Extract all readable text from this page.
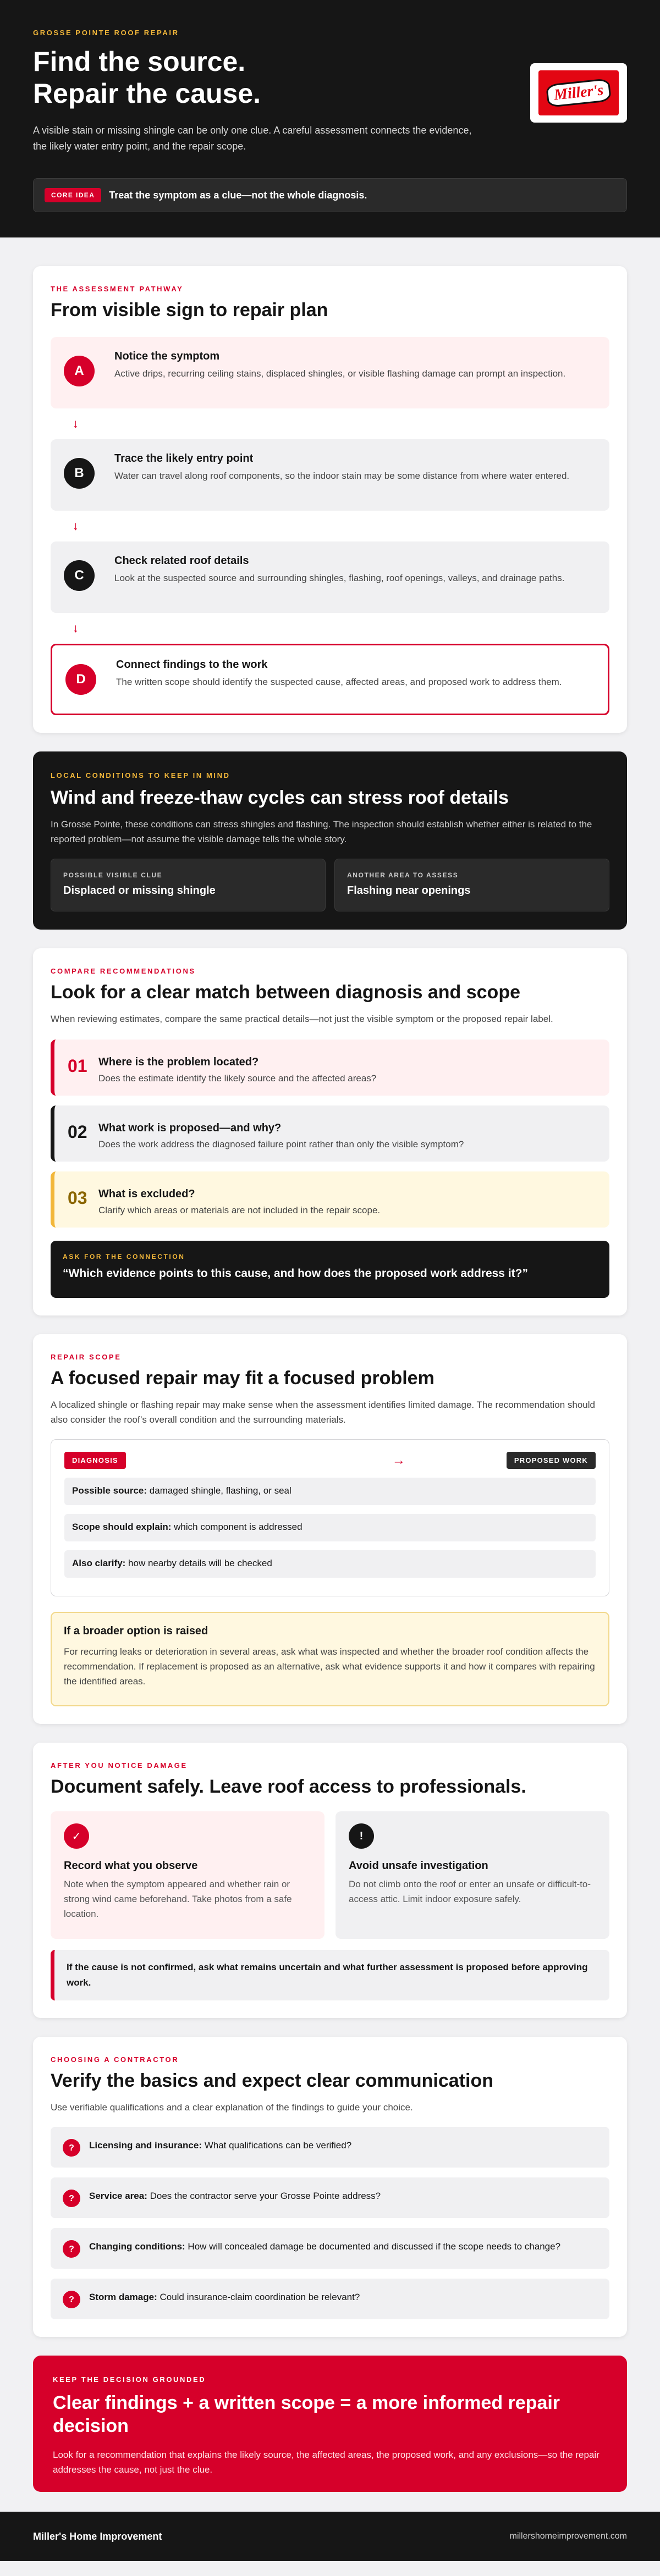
GROSSE POINTE ROOF REPAIR
Find the source.
Repair the cause.

A visible stain or missing shingle can be only one clue. A careful assessment connects the evidence, the likely water entry point, and the repair scope.

Miller's
CORE IDEA	Treat the symptom as a clue—not the whole diagnosis.
THE ASSESSMENT PATHWAY
From visible sign to repair plan
A
Notice the symptom

Active drips, recurring ceiling stains, displaced shingles, or visible flashing damage can prompt an inspection.

↓
B
Trace the likely entry point

Water can travel along roof components, so the indoor stain may be some distance from where water entered.

↓
C
Check related roof details

Look at the suspected source and surrounding shingles, flashing, roof openings, valleys, and drainage paths.

↓
D
Connect findings to the work

The written scope should identify the suspected cause, affected areas, and proposed work to address them.

LOCAL CONDITIONS TO KEEP IN MIND
Wind and freeze-thaw cycles can stress roof details

In Grosse Pointe, these conditions can stress shingles and flashing. The inspection should establish whether either is related to the reported problem—not assume the visible damage tells the whole story.

POSSIBLE VISIBLE CLUE
Displaced or missing shingle
ANOTHER AREA TO ASSESS
Flashing near openings
COMPARE RECOMMENDATIONS
Look for a clear match between diagnosis and scope

When reviewing estimates, compare the same practical details—not just the visible symptom or the proposed repair label.

01	Where is the problem located?

Does the estimate identify the likely source and the affected areas?

02	What work is proposed—and why?

Does the work address the diagnosed failure point rather than only the visible symptom?

03	What is excluded?

Clarify which areas or materials are not included in the repair scope.

ASK FOR THE CONNECTION
“Which evidence points to this cause, and how does the proposed work address it?”
REPAIR SCOPE
A focused repair may fit a focused problem

A localized shingle or flashing repair may make sense when the assessment identifies limited damage. The recommendation should also consider the roof’s overall condition and the surrounding materials.

DIAGNOSIS	→	PROPOSED WORK
Possible source: damaged shingle, flashing, or seal
Scope should explain: which component is addressed
Also clarify: how nearby details will be checked
If a broader option is raised

For recurring leaks or deterioration in several areas, ask what was inspected and whether the broader roof condition affects the recommendation. If replacement is proposed as an alternative, ask what evidence supports it and how it compares with repairing the identified areas.

AFTER YOU NOTICE DAMAGE
Document safely. Leave roof access to professionals.
✓
Record what you observe

Note when the symptom appeared and whether rain or strong wind came beforehand. Take photos from a safe location.

!
Avoid unsafe investigation

Do not climb onto the roof or enter an unsafe or difficult-to-access attic. Limit indoor exposure safely.

If the cause is not confirmed, ask what remains uncertain and what further assessment is proposed before approving work.
CHOOSING A CONTRACTOR
Verify the basics and expect clear communication

Use verifiable qualifications and a clear explanation of the findings to guide your choice.

?	Licensing and insurance: What qualifications can be verified?
?	Service area: Does the contractor serve your Grosse Pointe address?
?	Changing conditions: How will concealed damage be documented and discussed if the scope needs to change?
?	Storm damage: Could insurance-claim coordination be relevant?
KEEP THE DECISION GROUNDED
Clear findings + a written scope = a more informed repair decision

Look for a recommendation that explains the likely source, the affected areas, the proposed work, and any exclusions—so the repair addresses the cause, not just the clue.

Miller's Home Improvement	millershomeimprovement.com
